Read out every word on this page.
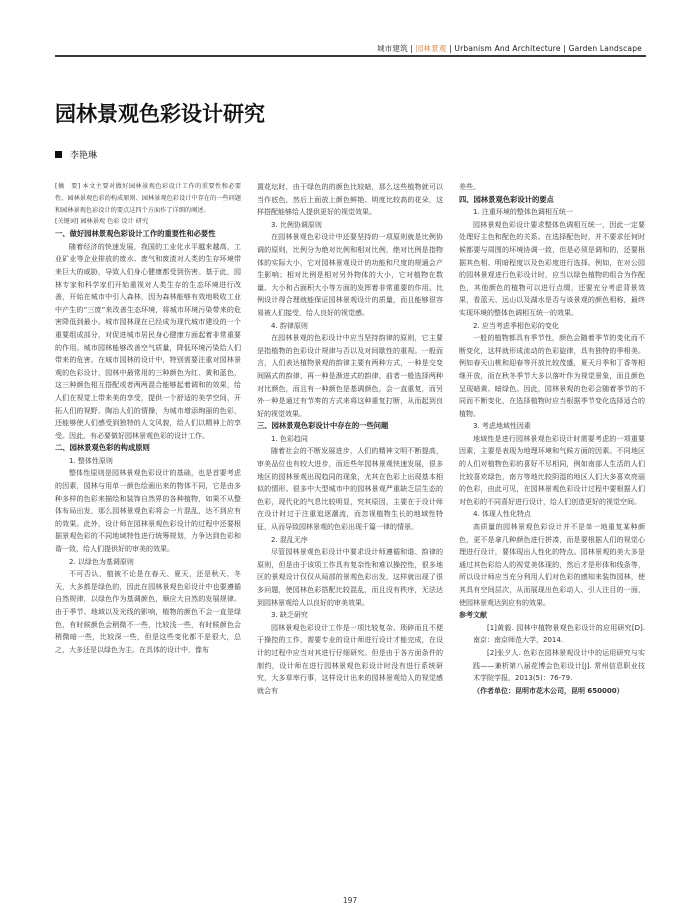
城市建筑 | 园林景观 | Urbanism And Architecture | Garden Landscape
园林景观色彩设计研究
李艳琳

[摘　要] 本文主要对做好园林景观色彩设计工作的重要性和必要性、园林景观色彩的构成原则、园林景观色彩设计中存在的一些问题和园林景观色彩设计的要点这四个方面作了详细的阐述。

[关键词] 园林景观 色彩 设计 研究

一、做好园林景观色彩设计工作的重要性和必要性

随着经济的快速发展，我国的工业化水平越来越高，工业矿业等企业排放的废水、废气和废渣对人类的生存环境带来巨大的威胁，导致人们身心健康都受到伤害。基于此，园林专家和科学家们开始重视对人类生存的生态环境进行改善，开始在城市中引入森林，因为森林能够有效地吸收工业中产生的“三废”来改善生态环境，将城市环境污染带来的危害降低到最小。城市园林现在已经成为现代城市建设的一个重要组成部分，对促进城市居民身心健康方面起着非常重要的作用。城市园林能够改善空气质量，降低环境污染给人们带来的危害。在城市园林的设计中，特别需要注重对园林景观的色彩设计，园林中最常用的三种颜色为红、黄和蓝色，这三种颜色相互搭配或者两两混合能够起着调和的效果，给人们在视觉上带来美的享受，提供一个舒适的美学空间，开拓人们的视野、陶冶人们的情操，为城市增添绚丽的色彩，还能够使人们感受到独特的人文风貌，给人们以精神上的享受。因此，有必要做好园林景观色彩的设计工作。

二、园林景观色彩的构成原则
1. 整体性原则

整体性原则是园林景观色彩设计的基础，也是首要考虑的因素，园林与用单一颜色绘画出来的物体不同，它是由多种多样的色彩来描绘和装饰自然界的各种植物，如果不从整体布局出发，那么园林景观色彩将会一片混乱，达不到应有的效果。此外，设计师在园林景观色彩设计的过程中还要根据景观色彩的不同地域特性进行统筹规划，力争达到色彩和谐一致，给人们提供好的审美的效果。

2. 以绿色为基调原则

不可否认，植被不论是在春天、夏天，还是秋天、冬天，大多都是绿色的，因此在园林景观色彩设计中也要遵循自然规律，以绿色作为基调颜色，顺应大自然的发展规律。由于季节、地域以及光线的影响，植物的颜色不会一直是绿色，有时候颜色会稍微不一些，比较浅一些，有时候颜色会稍微暗一些，比较深一些，但是这些变化都不是很大，总之，大多还是以绿色为主。在具体的设计中，像布

置花坛时，由于绿色的的颜色比较暗，那么这些植物就可以当作底色，然后上面放上颜色鲜艳、明度比较高的花朵，这样搭配能够给人提供更好的视觉效果。

3. 比例协调原则

在园林景观色彩设计中还要坚持的一项原则就是比例协调的原则，比例分为绝对比例和相对比例，绝对比例是指物体的实际大小，它对园林景观设计的功能和尺度的规通会产生影响；相对比例是相对另外物体的大小，它对植物在数量、大小和占面积大小等方面的发挥着非常重要的作用。比例设计得合理就能保证园林景观设计的质量，而且能够很容易被人们接受，给人良好的视觉感。

4. 韵律原则

在园林景观的色彩设计中应当坚持韵律的原则，它主要是指植物的色彩设计规律与否以及对间歇性的重视。一般而言，人们表达植物景观的韵律主要有两种方式，一种是交变间隔式的韵律，再一种是渐进式的韵律，前者一般选择两种对比颜色，而且有一种颜色是基调颜色，会一直重复，而另外一种是通过有节奏的方式来将这种重复打断，从而起到良好的视觉效果。

三、园林景观色彩设计中存在的一些问题
1. 色彩趋同

随着社会的不断发展进步，人们的精神文明不断提高，审美品位也有较大进步，而近些年园林景观快速发展，很多地区的园林景观出现趋同的现象，尤其在色彩上出现基本相似的情形。很多中大型城市中的园林景观严重缺乏层生态的色彩，现代化的气息比较明显，究其原因，主要在于设计师在设计时过于注重追逐潮流，而忽视植物生长的地域性特征，从而导致园林景观的色彩出现千篇一律的情景。

2. 混乱无序

尽管园林景观色彩设计中要求设计师遵循和谐、韵律的原则，但是由于该项工作具有复杂性和难以操控性，很多地区的景观设计仅仅从局部的景观色彩出发，这样就出现了很多问题，使园林色彩搭配比较混乱，而且没有秩序，无法达到园林景观给人以良好的审美效果。

3. 缺乏研究

园林景观色彩设计工作是一项比较复杂、琐碎而且不便于操控的工作，需要专业的设计师进行设计才能完成，在设计的过程中应当对其进行仔细研究。但是由于各方面条件的制约，设计师在进行园林景观色彩设计时没有进行系统研究，大多草率行事，这样设计出来的园林景观给人的视觉感就会有

差些。

四、园林景观色彩设计的要点
1. 注重环境的整体色调相互统一

园林景观色彩设计要求整体色调相互统一，因此一定要处理好主色和配色的关系。在选择配色时，并不要求任何时候都要与周围的环境协调一致，但是必须是调和的，还要根据其色相、明暗程度以及色彩度进行选择。例如，在对公园的园林景观进行色彩设计时，应当以绿色植物的组合为作配色，其他颜色的植物可以进行点缀，还要充分考虑背景效果，看蓝天、远山以及湖水是否与该景观的颜色相称，最终实现环境的整体色调相互统一的效果。

2. 应当考虑季相色彩的变化

一般的植物都具有季节性，颜色会随着季节的变化而不断变化，这样就形成流动的色彩旋律，具有独特的季相美。例如春天山桃和迎春等开放比较茂盛，夏天月季和丁香等相继开放，而在秋冬季节大多以落叶作为视觉景象，而且颜色呈现暗黄、暗绿色。因此，园林景观的色彩会随着季节的不同而不断变化，在选择植物时应当根据季节变化选择适合的植物。

3. 考虑地域性因素

地域性是进行园林景观色彩设计时需要考虑的一项重要因素，主要是表现为地理环境和气候方面的因素。不同地区的人们对植物色彩的喜好不尽相同，例如南部人生活的人们比较喜欢绿色，南方等地比较阴湿的地区人们大多喜欢亮丽的色彩，由此可见，在园林景观色彩设计过程中要根据人们对色彩的不同喜好进行设计，给人们创造更好的视觉空间。

4. 体现人性化特点

高质量的园林景观色彩设计并不是单一地重复某种颜色，更不是拿几种颜色进行拼凑，而是要根据人们的视觉心理进行设计，要体现出人性化的特点。园林景观的美大多是通过其色彩给人的视觉美体现的，然后才是形体和线条等，所以设计师应当充分利用人们对色彩的感知来装饰园林，使其具有空间层次，从而展现出色彩动人、引人注目的一面，使园林景观达到应有的效果。

参考文献

[1]黄毅. 园林中植物景观色彩设计的应用研究[D]. 南京：南京师范大学，2014.

[2]张夕人. 色彩在园林景观设计中的运用研究与实践——兼析第八届花博会色彩设计[J]. 常州信息职业技术学院学报，2013(5)：76-79.

（作者单位：昆明市花木公司，昆明 650000）

197
